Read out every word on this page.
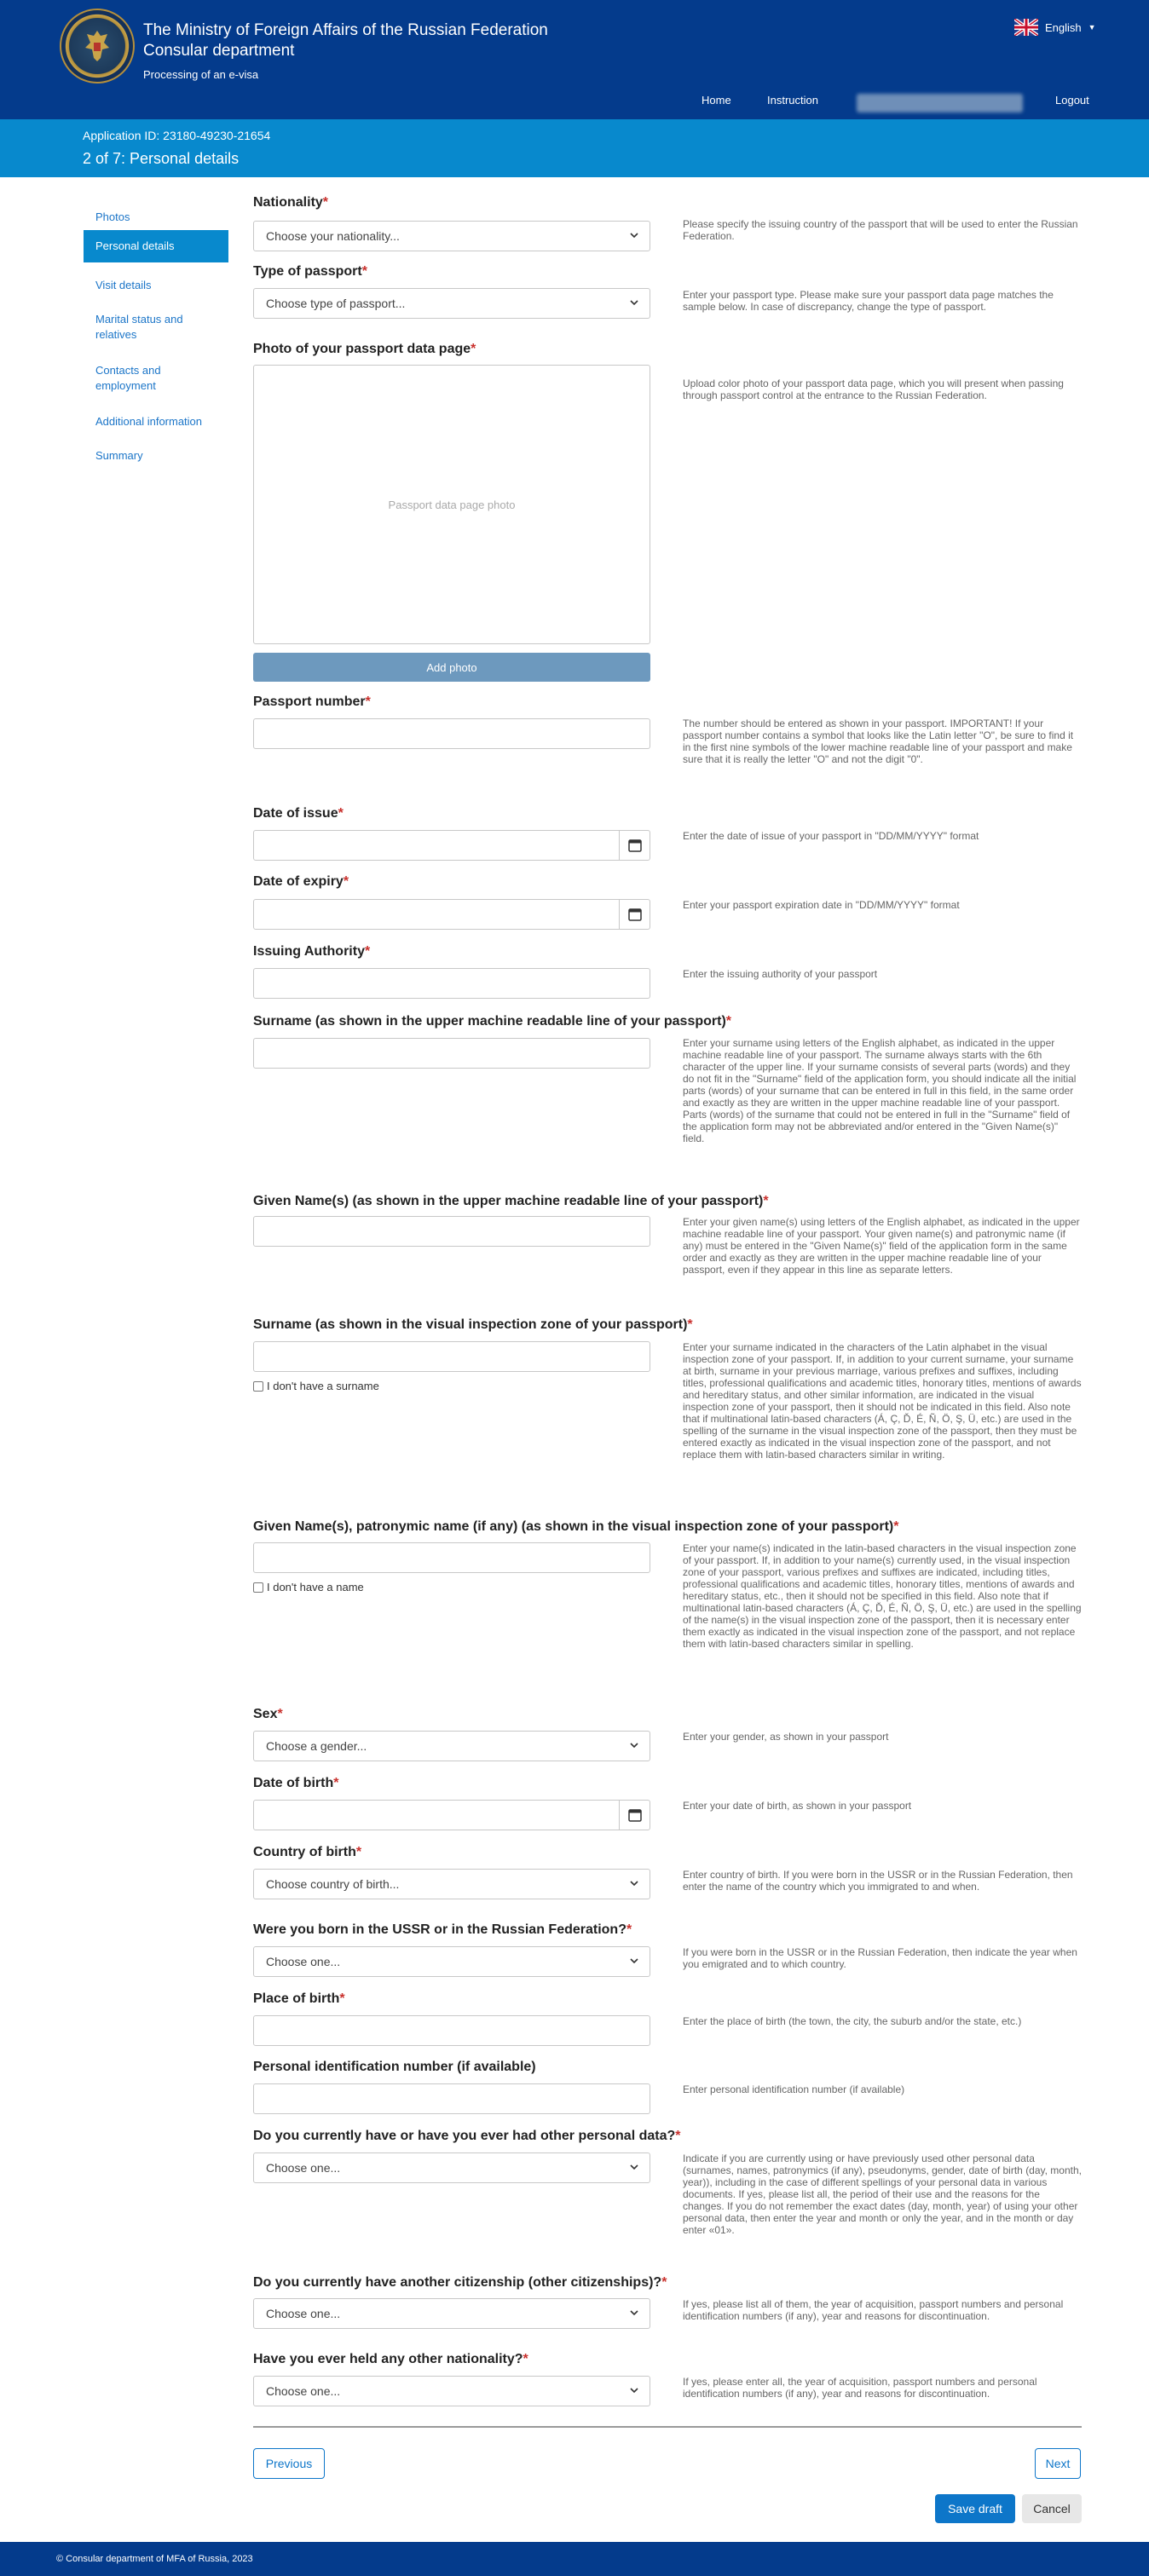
The Ministry of Foreign Affairs of the Russian Federation
Consular department
Processing of an e-visa
English ▼
Home	Instruction	Logout
Application ID: 23180-49230-21654
2 of 7: Personal details
Photos
Personal details
Visit details
Marital status and relatives
Contacts and employment
Additional information
Summary
Nationality*
Choose your nationality...
Please specify the issuing country of the passport that will be used to enter the Russian Federation.
Type of passport*
Choose type of passport...
Enter your passport type. Please make sure your passport data page matches the sample below. In case of discrepancy, change the type of passport.
Photo of your passport data page*
Passport data page photo
Add photo
Upload color photo of your passport data page, which you will present when passing through passport control at the entrance to the Russian Federation.
Passport number*
The number should be entered as shown in your passport. IMPORTANT! If your passport number contains a symbol that looks like the Latin letter "O", be sure to find it in the first nine symbols of the lower machine readable line of your passport and make sure that it is really the letter "O" and not the digit "0".
Date of issue*
Enter the date of issue of your passport in "DD/MM/YYYY" format
Date of expiry*
Enter your passport expiration date in "DD/MM/YYYY" format
Issuing Authority*
Enter the issuing authority of your passport
Surname (as shown in the upper machine readable line of your passport)*
Enter your surname using letters of the English alphabet, as indicated in the upper machine readable line of your passport. The surname always starts with the 6th character of the upper line. If your surname consists of several parts (words) and they do not fit in the "Surname" field of the application form, you should indicate all the initial parts (words) of your surname that can be entered in full in this field, in the same order and exactly as they are written in the upper machine readable line of your passport. Parts (words) of the surname that could not be entered in full in the "Surname" field of the application form may not be abbreviated and/or entered in the "Given Name(s)" field.
Given Name(s) (as shown in the upper machine readable line of your passport)*
Enter your given name(s) using letters of the English alphabet, as indicated in the upper machine readable line of your passport. Your given name(s) and patronymic name (if any) must be entered in the "Given Name(s)" field of the application form in the same order and exactly as they are written in the upper machine readable line of your passport, even if they appear in this line as separate letters.
Surname (as shown in the visual inspection zone of your passport)*
I don't have a surname
Enter your surname indicated in the characters of the Latin alphabet in the visual inspection zone of your passport. If, in addition to your current surname, your surname at birth, surname in your previous marriage, various prefixes and suffixes, including titles, professional qualifications and academic titles, honorary titles, mentions of awards and hereditary status, and other similar information, are indicated in the visual inspection zone of your passport, then it should not be indicated in this field. Also note that if multinational latin-based characters (Á, Ç, Ď, É, Ñ, Ö, Ş, Ü, etc.) are used in the spelling of the surname in the visual inspection zone of the passport, then they must be entered exactly as indicated in the visual inspection zone of the passport, and not replace them with latin-based characters similar in writing.
Given Name(s), patronymic name (if any) (as shown in the visual inspection zone of your passport)*
I don't have a name
Enter your name(s) indicated in the latin-based characters in the visual inspection zone of your passport. If, in addition to your name(s) currently used, in the visual inspection zone of your passport, various prefixes and suffixes are indicated, including titles, professional qualifications and academic titles, honorary titles, mentions of awards and hereditary status, etc., then it should not be specified in this field. Also note that if multinational latin-based characters (Á, Ç, Ď, É, Ñ, Ö, Ş, Ü, etc.) are used in the spelling of the name(s) in the visual inspection zone of the passport, then it is necessary enter them exactly as indicated in the visual inspection zone of the passport, and not replace them with latin-based characters similar in spelling.
Sex*
Choose a gender...
Enter your gender, as shown in your passport
Date of birth*
Enter your date of birth, as shown in your passport
Country of birth*
Choose country of birth...
Enter country of birth. If you were born in the USSR or in the Russian Federation, then enter the name of the country which you immigrated to and when.
Were you born in the USSR or in the Russian Federation?*
Choose one...
If you were born in the USSR or in the Russian Federation, then indicate the year when you emigrated and to which country.
Place of birth*
Enter the place of birth (the town, the city, the suburb and/or the state, etc.)
Personal identification number (if available)
Enter personal identification number (if available)
Do you currently have or have you ever had other personal data?*
Choose one...
Indicate if you are currently using or have previously used other personal data (surnames, names, patronymics (if any), pseudonyms, gender, date of birth (day, month, year)), including in the case of different spellings of your personal data in various documents. If yes, please list all, the period of their use and the reasons for the changes. If you do not remember the exact dates (day, month, year) of using your other personal data, then enter the year and month or only the year, and in the month or day enter «01».
Do you currently have another citizenship (other citizenships)?*
Choose one...
If yes, please list all of them, the year of acquisition, passport numbers and personal identification numbers (if any), year and reasons for discontinuation.
Have you ever held any other nationality?*
Choose one...
If yes, please enter all, the year of acquisition, passport numbers and personal identification numbers (if any), year and reasons for discontinuation.
Previous	Next
Save draft	Cancel
© Consular department of MFA of Russia, 2023
